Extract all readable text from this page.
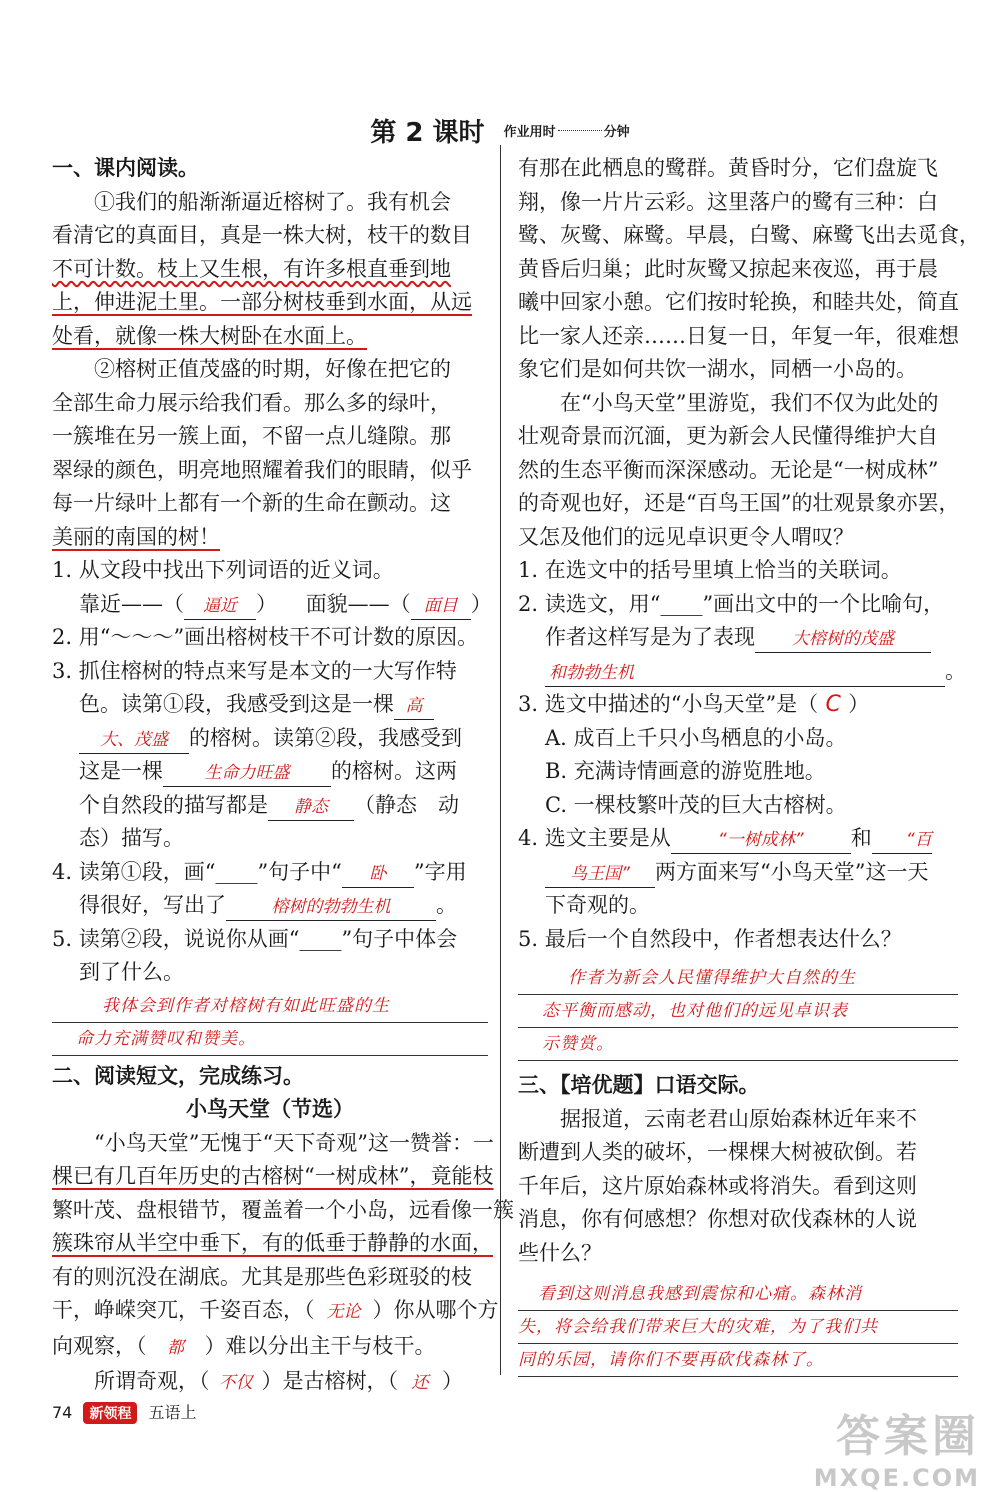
第 2 课时 作业用时	分钟
一、课内阅读。
①我们的船渐渐逼近榕树了。我有机会
看清它的真面目，真是一株大树，枝干的数目
不可计数。枝上又生根，有许多根直垂到地
上，伸进泥土里。一部分树枝垂到水面，从远
处看，就像一株大树卧在水面上。
②榕树正值茂盛的时期，好像在把它的
全部生命力展示给我们看。那么多的绿叶，
一簇堆在另一簇上面，不留一点儿缝隙。那
翠绿的颜色，明亮地照耀着我们的眼睛，似乎
每一片绿叶上都有一个新的生命在颤动。这
美丽的南国的树！
1. 从文段中找出下列词语的近义词。
靠近——（ 逼近 ） 面貌——（ 面目 ）
2. 用“～～～”画出榕树枝干不可计数的原因。
3. 抓住榕树的特点来写是本文的一大写作特
色。读第①段，我感受到这是一棵 高
大、茂盛 的榕树。读第②段，我感受到
这是一棵 生命力旺盛 的榕树。这两
个自然段的描写都是 静态 （静态　动
态）描写。
4. 读第①段，画“____”句子中“ 卧 ”字用
得很好，写出了	榕树的勃勃生机 。
5. 读第②段，说说你从画“____”句子中体会
到了什么。
我体会到作者对榕树有如此旺盛的生
命力充满赞叹和赞美。
二、阅读短文，完成练习。
小鸟天堂（节选）
“小鸟天堂”无愧于“天下奇观”这一赞誉：一
棵已有几百年历史的古榕树“一树成林”，竟能枝
繁叶茂、盘根错节，覆盖着一个小岛，远看像一簇
簇珠帘从半空中垂下，有的低垂于静静的水面，
有的则沉没在湖底。尤其是那些色彩斑驳的枝
干，峥嵘突兀，千姿百态，（ 无论 ）你从哪个方
向观察，（ 都 ）难以分出主干与枝干。
所谓奇观，（ 不仅 ）是古榕树，（ 还 ）
有那在此栖息的鹭群。黄昏时分，它们盘旋飞
翔，像一片片云彩。这里落户的鹭有三种：白
鹭、灰鹭、麻鹭。早晨，白鹭、麻鹭飞出去觅食，
黄昏后归巢；此时灰鹭又掠起来夜巡，再于晨
曦中回家小憩。它们按时轮换，和睦共处，简直
比一家人还亲……日复一日，年复一年，很难想
象它们是如何共饮一湖水，同栖一小岛的。
在“小鸟天堂”里游览，我们不仅为此处的
壮观奇景而沉湎，更为新会人民懂得维护大自
然的生态平衡而深深感动。无论是“一树成林”
的奇观也好，还是“百鸟王国”的壮观景象亦罢，
又怎及他们的远见卓识更令人喟叹？
1. 在选文中的括号里填上恰当的关联词。
2. 读选文，用“____”画出文中的一个比喻句，
作者这样写是为了表现 大榕树的茂盛
和勃勃生机	。
3. 选文中描述的“小鸟天堂”是（ C ）
A. 成百上千只小鸟栖息的小岛。
B. 充满诗情画意的游览胜地。
C. 一棵枝繁叶茂的巨大古榕树。
4. 选文主要是从	“一树成林” 和 “百
鸟王国” 两方面来写“小鸟天堂”这一天
下奇观的。
5. 最后一个自然段中，作者想表达什么？
作者为新会人民懂得维护大自然的生
态平衡而感动，也对他们的远见卓识表
示赞赏。
三、【培优题】口语交际。
据报道，云南老君山原始森林近年来不
断遭到人类的破坏，一棵棵大树被砍倒。若
千年后，这片原始森林或将消失。看到这则
消息，你有何感想？你想对砍伐森林的人说
些什么？
看到这则消息我感到震惊和心痛。森林消
失，将会给我们带来巨大的灾难，为了我们共
同的乐园，请你们不要再砍伐森林了。
74 新领程 五语上	答案圈
MXQE.COM
